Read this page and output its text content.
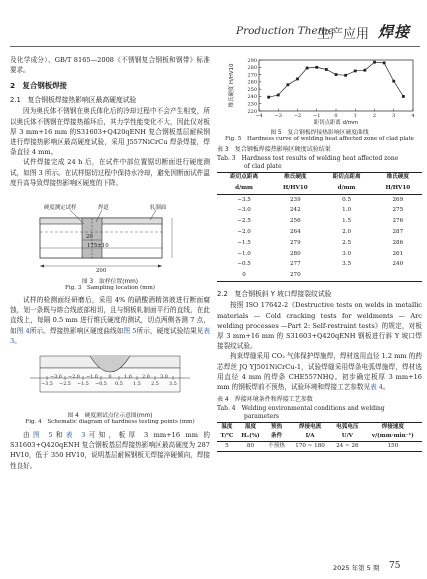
Production Theme
生产应用 焊接

及化学成分）、GB/T 8165—2008《不锈钢复合钢板和钢带》标准要求。

2　复合钢板焊接
2.1　复合钢板焊接热影响区最高硬度试验

因为奥氏体不锈钢在奥氏体化后的冷却过程中不会产生相变，所以奥氏体不锈钢在焊接热循环后，其力学性能变化不大，因此仅对板厚 3 mm+16 mm 的S31603+Q420qENH 复合钢板基层耐候钢进行焊接热影响区最高硬度试验，采用 J557NiCrCu 焊条焊接，焊条直径 4 mm。

试件焊接完成 24 h 后，在试件中部位置锯切断面进行硬度测试，如图 3 所示。在试样锯切过程中保持水冷却，避免因断面试件温度升高导致焊接热影响区硬度的下降。

硬度测定试样	焊道	轧制面
20
175±10
200
图 3　取样位置(mm)
Fig. 3　Sampling location (mm)

试样的检测面经研磨后，采用 4% 的硝酸酒精溶液进行断面腐蚀，划一条既与熔合线底部相切，且与钢板轧制面平行的直线，在此直线上，每隔 0.5 mm 进行维氏硬度的测试，切点两侧各测 7 点，如图 4所示。焊接热影响区硬度曲线如图 5所示，硬度试验结果见表 3。

−3.0 −2.0 −1.0 0	1.0 2.0 3.0
−3.5 −2.5 −1.5 −0.5 0.5 1.5 2.5 3.5
图 4　硬度测试点位示意图(mm)
Fig. 4　Schematic diagram of hardness testing points (mm)

由图 5和表 3可知，板厚 3 mm+16 mm 的 S31603+Q420qENH 复合钢板基层焊接热影响区最高硬度为 287 HV10，低于 350 HV10，说明基层耐候钢板无焊接淬硬倾向，焊接性良好。

220
230
240
250
260
270
280
290
−4 −3 −2 −1	0	1	2	3	4
距切点距离 d/mm
维氏硬度 H/HV10
图 5　复合钢板焊接热影响区硬度曲线
Fig. 5　Hardness curve of welding heat affected zone of clad plate
表 3　复合钢板焊接热影响区硬度试验结果
Tab. 3　Hardness test results of welding heat affected zone
of clad plate
距切点距离	维氏硬度	距切点距离	维氏硬度
d/mm	H/HV10	d/mm	H/HV10
−3.5	239	0.5	269
−3.0	242	1.0	275
−2.5	256	1.5	276
−2.0	264	2.0	287
−1.5	279	2.5	286
−1.0	280	3.0	261
−0.5	277	3.5	240
0	270		
2.2　复合钢板斜 Y 坡口焊接裂纹试验

按照 ISO 17642-2《Destructive tests on welds in metallic materials — Cold cracking tests for weldments — Arc welding processes —Part 2: Self-restraint tests》的规定，对板厚 3 mm+16 mm 的 S31603+Q420qENH 钢板进行斜 Y 坡口焊接裂纹试验。

拘束焊缝采用 CO₂ 气体保护焊施焊，焊材选用直径 1.2 mm 的药芯焊丝 JQ YJ501NiCrCu-1，试验焊缝采用焊条电弧焊施焊，焊材选用直径 4 mm 的焊条 CHE557NHQ。初步确定板厚 3 mm+16 mm 的钢板焊前不预热，试验环境和焊接工艺参数见表 4。

表 4　焊接环境条件和焊接工艺参数
Tab. 4　Welding environmental conditions and welding
parameters
温度	湿度	预热	焊接电流	电弧电压	焊接速度
T/℃	Hₐ(%)	条件	I/A	U/V	v/(mm·min⁻¹)
5	80	不预热	170 ~ 180	24 ~ 26	150
2025 年第 5 期 75
